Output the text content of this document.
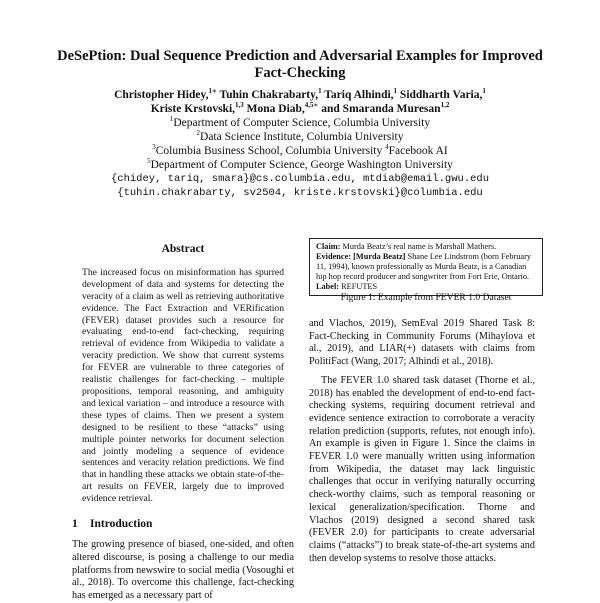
DeSePtion: Dual Sequence Prediction and Adversarial Examples for Improved Fact-Checking
Christopher Hidey,$^{1∗}$ Tuhin Chakrabarty,$^1$ Tariq Alhindi,$^1$ Siddharth Varia,$^1$
Kriste Krstovski,$^{1,3}$ Mona Diab,$^{4,5∗}$ and Smaranda Muresan$^{1,2}$
$^1$Department of Computer Science, Columbia University
$^2$Data Science Institute, Columbia University
$^3$Columbia Business School, Columbia University $^4$Facebook AI
$^5$Department of Computer Science, George Washington University
{chidey, tariq, smara}@cs.columbia.edu, mtdiab@email.gwu.edu
{tuhin.chakrabarty, sv2504, kriste.krstovski}@columbia.edu
Abstract
The increased focus on misinformation has spurred development of data and systems for detecting the veracity of a claim as well as retrieving authoritative evidence. The Fact Extraction and VERification (FEVER) dataset provides such a resource for evaluating end-to-end fact-checking, requiring retrieval of evidence from Wikipedia to validate a veracity prediction. We show that current systems for FEVER are vulnerable to three categories of realistic challenges for fact-checking – multiple propositions, temporal reasoning, and ambiguity and lexical variation – and introduce a resource with these types of claims. Then we present a system designed to be resilient to these “attacks” using multiple pointer networks for document selection and jointly modeling a sequence of evidence sentences and veracity relation predictions. We find that in handling these attacks we obtain state-of-the-art results on FEVER, largely due to improved evidence retrieval.
1 Introduction
The growing presence of biased, one-sided, and often altered discourse, is posing a challenge to our media platforms from newswire to social media (Vosoughi et al., 2018). To overcome this challenge, fact-checking has emerged as a necessary part of

Claim: Murda Beatz’s real name is Marshall Mathers.

Evidence: [Murda Beatz] Shane Lee Lindstrom (born February 11, 1994), known professionally as Murda Beatz, is a Canadian hip hop record producer and songwriter from Fort Erie, Ontario.

Label: REFUTES

Figure 1: Example from FEVER 1.0 Dataset

and Vlachos, 2019), SemEval 2019 Shared Task 8: Fact-Checking in Community Forums (Mihaylova et al., 2019), and LIAR(+) datasets with claims from PolitiFact (Wang, 2017; Alhindi et al., 2018).

The FEVER 1.0 shared task dataset (Thorne et al., 2018) has enabled the development of end-to-end fact-checking systems, requiring document retrieval and evidence sentence extraction to corroborate a veracity relation prediction (supports, refutes, not enough info). An example is given in Figure 1. Since the claims in FEVER 1.0 were manually written using information from Wikipedia, the dataset may lack linguistic challenges that occur in verifying naturally occurring check-worthy claims, such as temporal reasoning or lexical generalization/specification. Thorne and Vlachos (2019) designed a second shared task (FEVER 2.0) for participants to create adversarial claims (“attacks”) to break state-of-the-art systems and then develop systems to resolve those attacks.
